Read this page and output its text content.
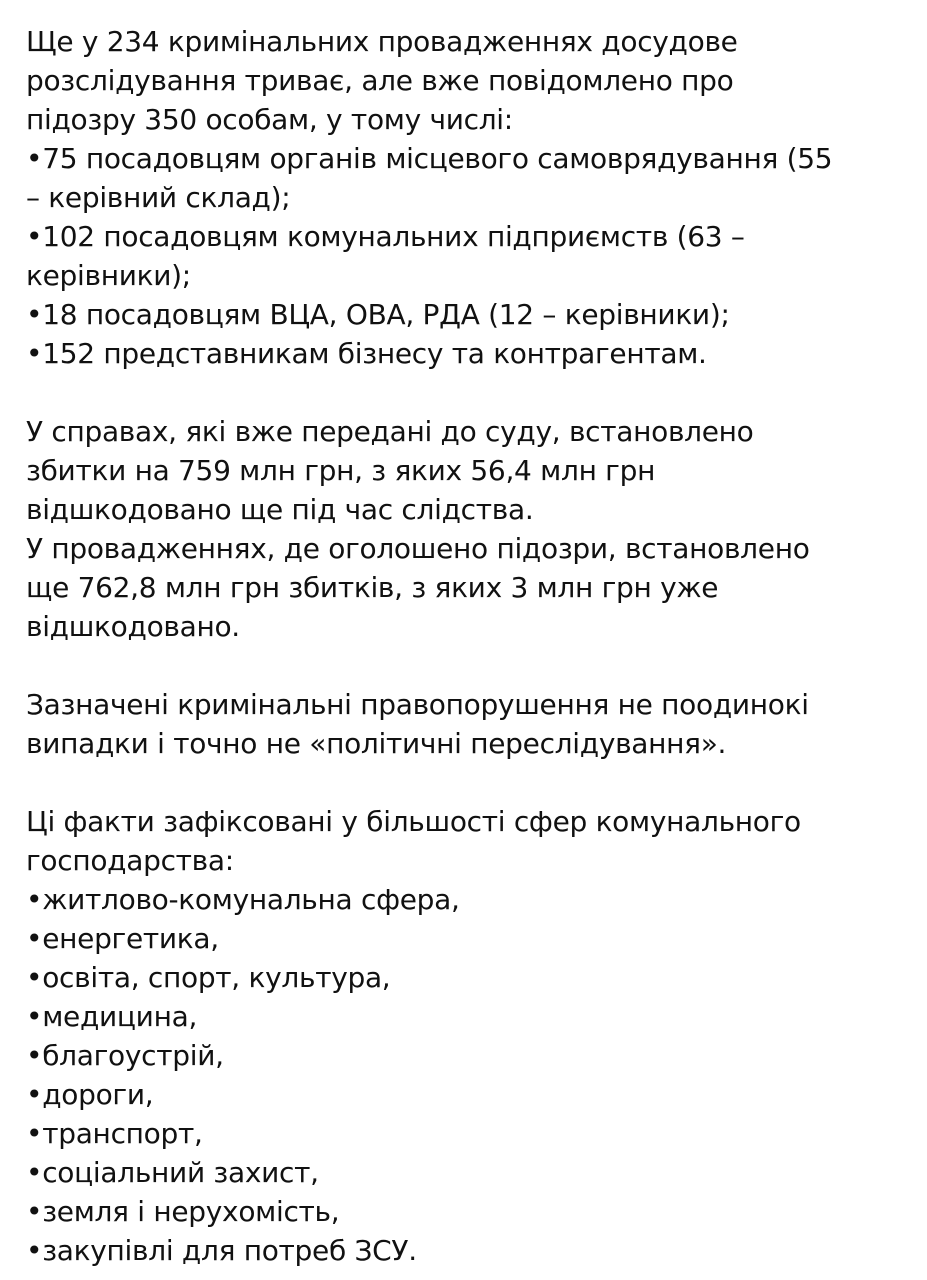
Ще у 234 кримінальних провадженнях досудове
розслідування триває, але вже повідомлено про
підозру 350 особам, у тому числі:
•75 посадовцям органів місцевого самоврядування (55
– керівний склад);
•102 посадовцям комунальних підприємств (63 –
керівники);
•18 посадовцям ВЦА, ОВА, РДА (12 – керівники);
•152 представникам бізнесу та контрагентам.
У справах, які вже передані до суду, встановлено
збитки на 759 млн грн, з яких 56,4 млн грн
відшкодовано ще під час слідства.
У провадженнях, де оголошено підозри, встановлено
ще 762,8 млн грн збитків, з яких 3 млн грн уже
відшкодовано.
Зазначені кримінальні правопорушення не поодинокі
випадки і точно не «політичні переслідування».
Ці факти зафіксовані у більшості сфер комунального
господарства:
•житлово-комунальна сфера,
•енергетика,
•освіта, спорт, культура,
•медицина,
•благоустрій,
•дороги,
•транспорт,
•соціальний захист,
•земля і нерухомість,
•закупівлі для потреб ЗСУ.
